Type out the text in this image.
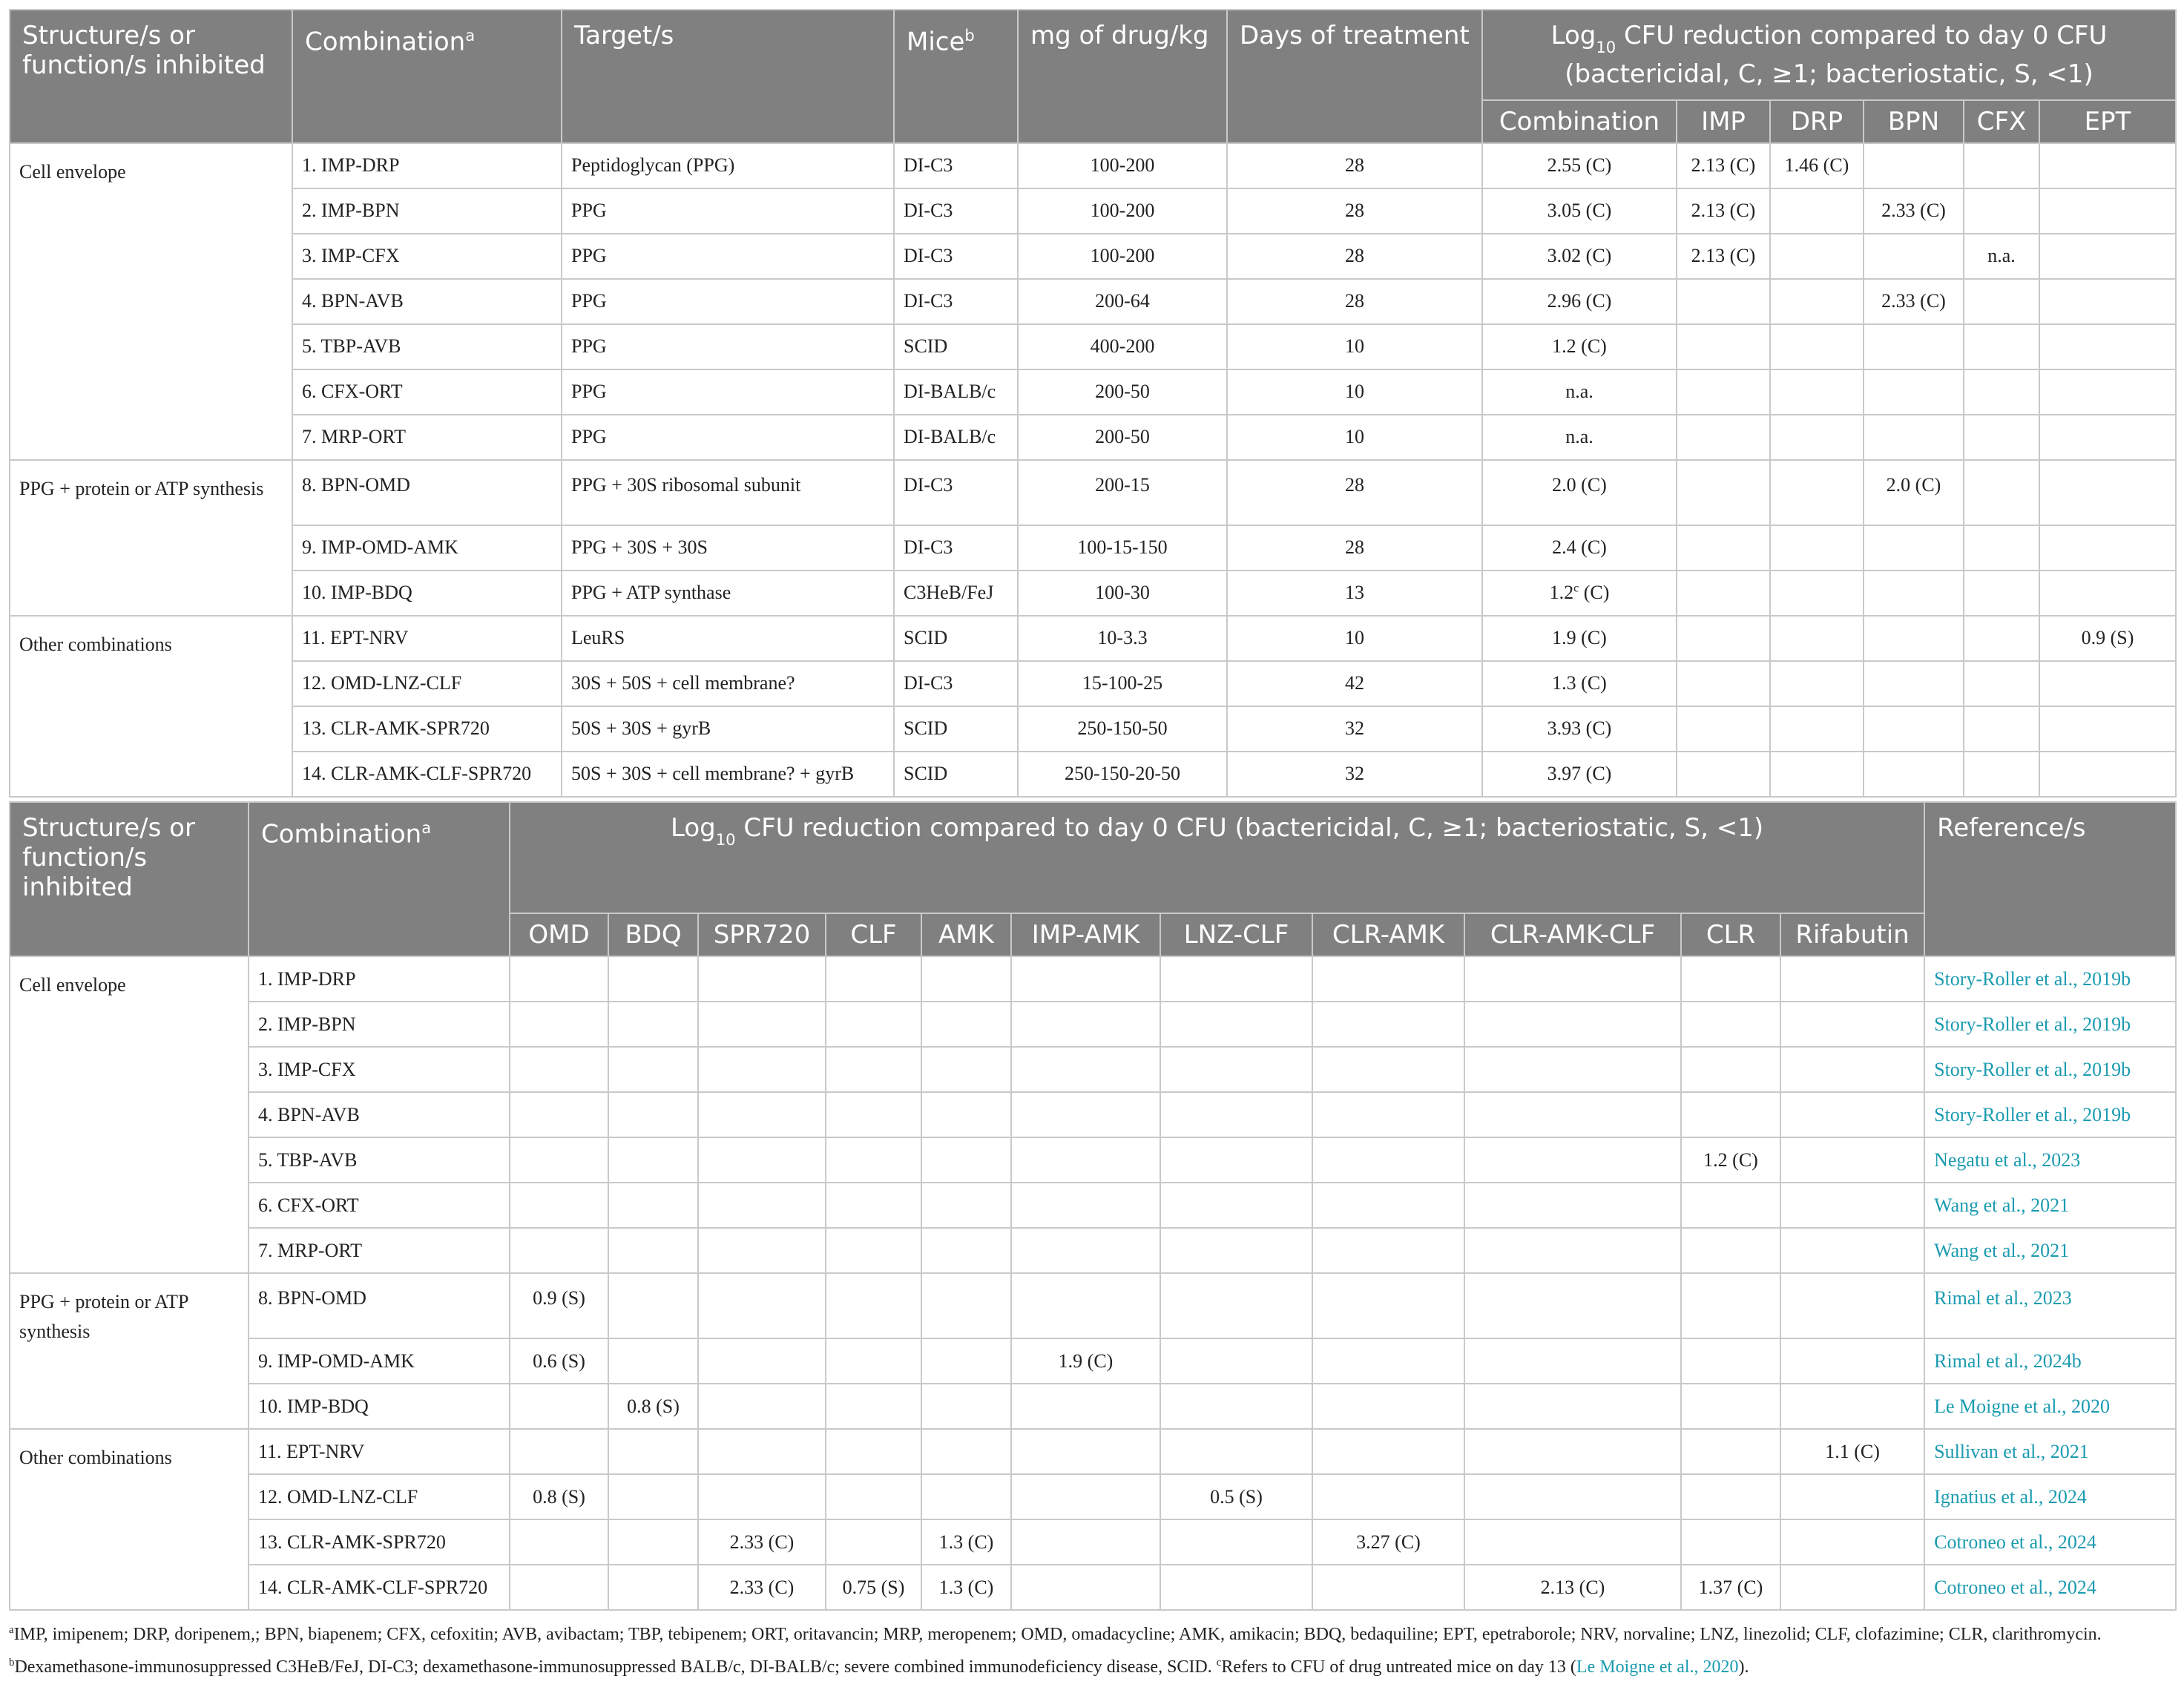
Structure/s or function/s inhibited	Combination$^a$	Target/s	Mice$^b$	mg of drug/kg	Days of treatment	Log$_{10}$ CFU reduction compared to day 0 CFU
(bactericidal, C, ≥1; bacteriostatic, S, <1)					
						Combination	IMP	DRP	BPN	CFX	EPT
Cell envelope	1. IMP-DRP	Peptidoglycan (PPG)	DI-C3	100-200	28	2.55 (C)	2.13 (C)	1.46 (C)			
	2. IMP-BPN	PPG	DI-C3	100-200	28	3.05 (C)	2.13 (C)		2.33 (C)		
	3. IMP-CFX	PPG	DI-C3	100-200	28	3.02 (C)	2.13 (C)			n.a.	
	4. BPN-AVB	PPG	DI-C3	200-64	28	2.96 (C)			2.33 (C)		
	5. TBP-AVB	PPG	SCID	400-200	10	1.2 (C)					
	6. CFX-ORT	PPG	DI-BALB/c	200-50	10	n.a.					
	7. MRP-ORT	PPG	DI-BALB/c	200-50	10	n.a.					
PPG + protein or ATP synthesis	8. BPN-OMD	PPG + 30S ribosomal subunit	DI-C3	200-15	28	2.0 (C)			2.0 (C)		
	9. IMP-OMD-AMK	PPG + 30S + 30S	DI-C3	100-15-150	28	2.4 (C)					
	10. IMP-BDQ	PPG + ATP synthase	C3HeB/FeJ	100-30	13	1.2$^c$ (C)					
Other combinations	11. EPT-NRV	LeuRS	SCID	10-3.3	10	1.9 (C)					0.9 (S)
	12. OMD-LNZ-CLF	30S + 50S + cell membrane?	DI-C3	15-100-25	42	1.3 (C)					
	13. CLR-AMK-SPR720	50S + 30S + gyrB	SCID	250-150-50	32	3.93 (C)					
	14. CLR-AMK-CLF-SPR720	50S + 30S + cell membrane? + gyrB	SCID	250-150-20-50	32	3.97 (C)					
Structure/s or function/s inhibited	Combination$^a$	Log$_{10}$ CFU reduction compared to day 0 CFU (bactericidal, C, ≥1; bacteriostatic, S, <1)											Reference/s
		OMD	BDQ	SPR720	CLF	AMK	IMP-AMK	LNZ-CLF	CLR-AMK	CLR-AMK-CLF	CLR	Rifabutin	
Cell envelope	1. IMP-DRP												Story-Roller et al., 2019b
	2. IMP-BPN												Story-Roller et al., 2019b
	3. IMP-CFX												Story-Roller et al., 2019b
	4. BPN-AVB												Story-Roller et al., 2019b
	5. TBP-AVB										1.2 (C)		Negatu et al., 2023
	6. CFX-ORT												Wang et al., 2021
	7. MRP-ORT												Wang et al., 2021
PPG + protein or ATP synthesis	8. BPN-OMD	0.9 (S)											Rimal et al., 2023
	9. IMP-OMD-AMK	0.6 (S)					1.9 (C)						Rimal et al., 2024b
	10. IMP-BDQ		0.8 (S)										Le Moigne et al., 2020
Other combinations	11. EPT-NRV											1.1 (C)	Sullivan et al., 2021
	12. OMD-LNZ-CLF	0.8 (S)						0.5 (S)					Ignatius et al., 2024
	13. CLR-AMK-SPR720			2.33 (C)		1.3 (C)			3.27 (C)				Cotroneo et al., 2024
	14. CLR-AMK-CLF-SPR720			2.33 (C)	0.75 (S)	1.3 (C)				2.13 (C)	1.37 (C)		Cotroneo et al., 2024
$^a$IMP, imipenem; DRP, doripenem,; BPN, biapenem; CFX, cefoxitin; AVB, avibactam; TBP, tebipenem; ORT, oritavancin; MRP, meropenem; OMD, omadacycline; AMK, amikacin; BDQ, bedaquiline; EPT, epetraborole; NRV, norvaline; LNZ, linezolid; CLF, clofazimine; CLR, clarithromycin. $^b$Dexamethasone-immunosuppressed C3HeB/FeJ, DI-C3; dexamethasone-immunosuppressed BALB/c, DI-BALB/c; severe combined immunodeficiency disease, SCID. $^c$Refers to CFU of drug untreated mice on day 13 (Le Moigne et al., 2020).
